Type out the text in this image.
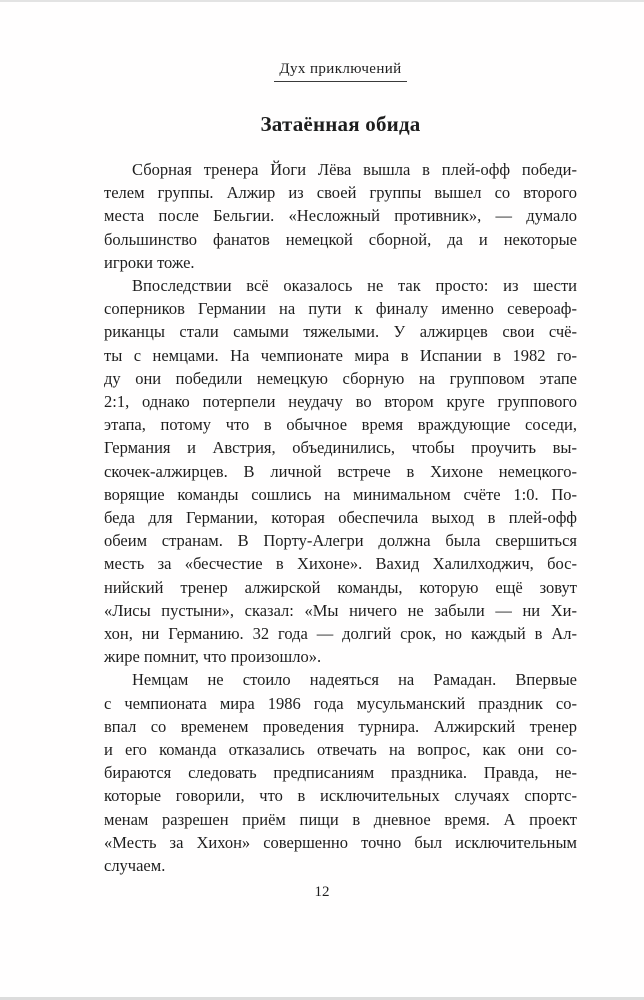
Дух приключений
Затаённая обида
Сборная тренера Йоги Лёва вышла в плей-офф победи-
телем группы. Алжир из своей группы вышел со второго
места после Бельгии. «Несложный противник», — думало
большинство фанатов немецкой сборной, да и некоторые
игроки тоже.
Впоследствии всё оказалось не так просто: из шести
соперников Германии на пути к финалу именно североаф-
риканцы стали самыми тяжелыми. У алжирцев свои счё-
ты с немцами. На чемпионате мира в Испании в 1982 го-
ду они победили немецкую сборную на групповом этапе
2:1, однако потерпели неудачу во втором круге группового
этапа, потому что в обычное время враждующие соседи,
Германия и Австрия, объединились, чтобы проучить вы-
скочек-алжирцев. В личной встрече в Хихоне немецкого-
ворящие команды сошлись на минимальном счёте 1:0. По-
беда для Германии, которая обеспечила выход в плей-офф
обеим странам. В Порту-Алегри должна была свершиться
месть за «бесчестие в Хихоне». Вахид Халилходжич, бос-
нийский тренер алжирской команды, которую ещё зовут
«Лисы пустыни», сказал: «Мы ничего не забыли — ни Хи-
хон, ни Германию. 32 года — долгий срок, но каждый в Ал-
жире помнит, что произошло».
Немцам не стоило надеяться на Рамадан. Впервые
с чемпионата мира 1986 года мусульманский праздник со-
впал со временем проведения турнира. Алжирский тренер
и его команда отказались отвечать на вопрос, как они со-
бираются следовать предписаниям праздника. Правда, не-
которые говорили, что в исключительных случаях спортс-
менам разрешен приём пищи в дневное время. А проект
«Месть за Хихон» совершенно точно был исключительным
случаем.
12
